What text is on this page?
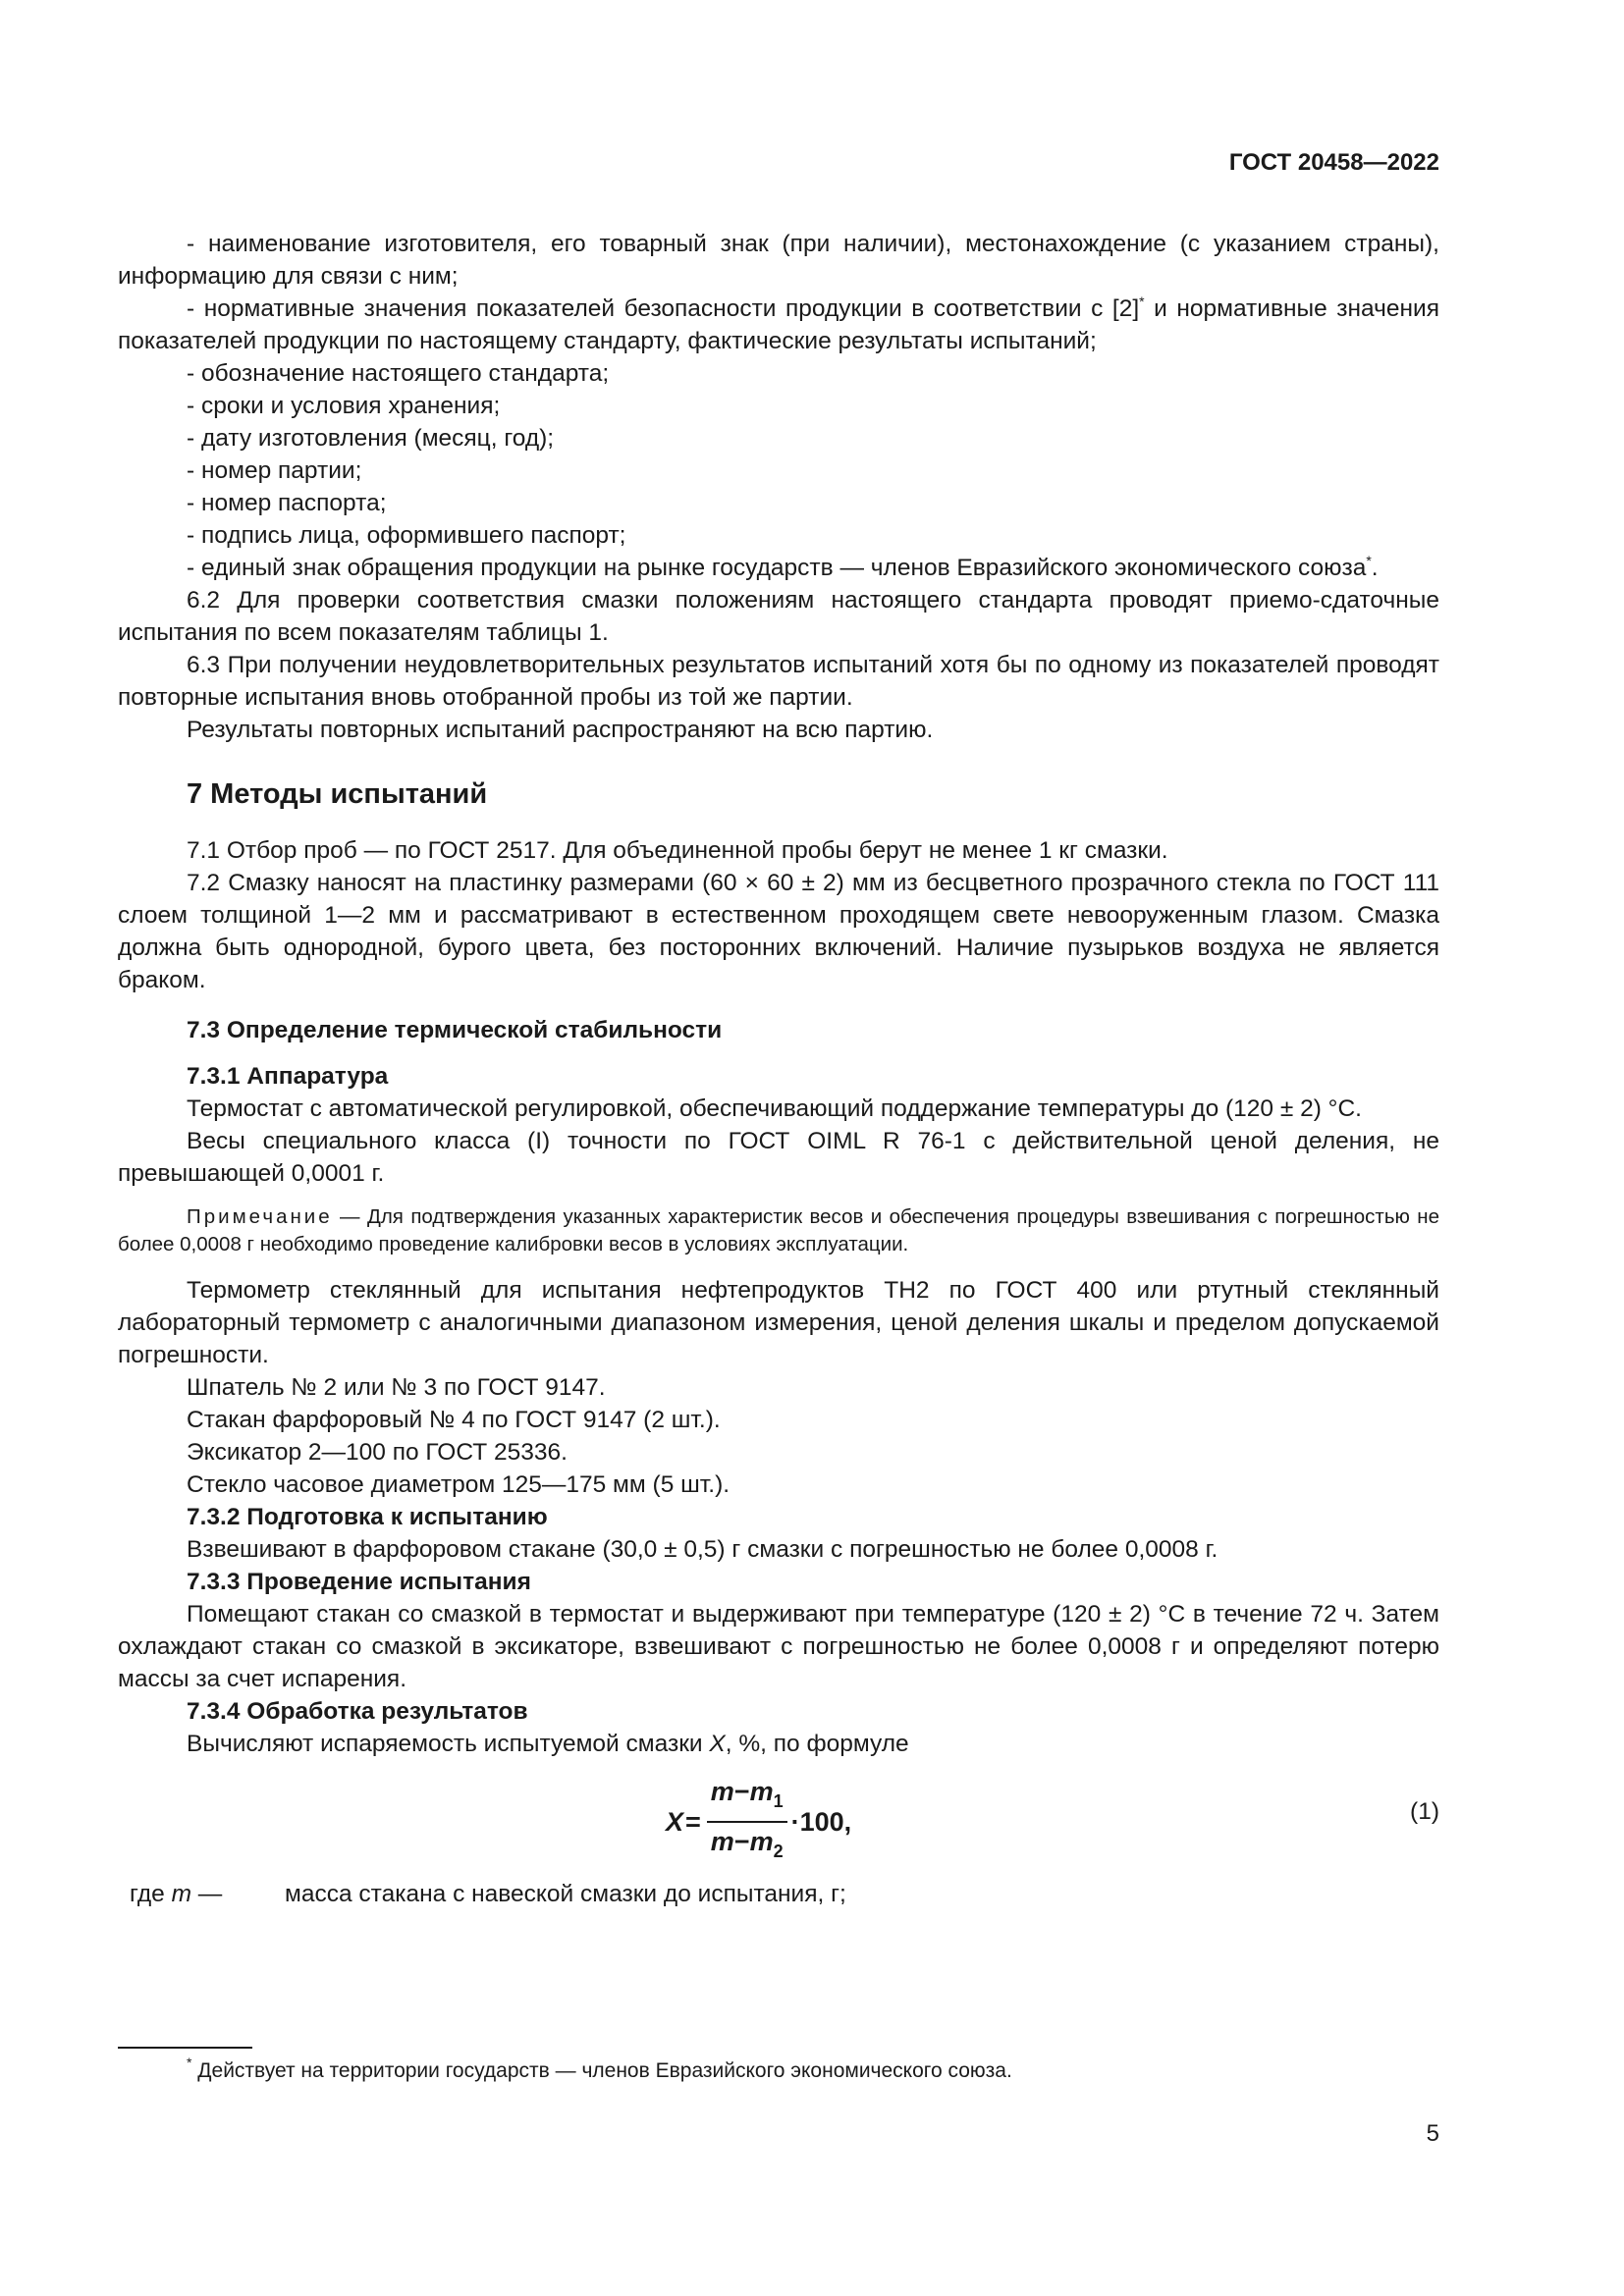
ГОСТ 20458—2022

- наименование изготовителя, его товарный знак (при наличии), местонахождение (с указанием страны), информацию для связи с ним;

- нормативные значения показателей безопасности продукции в соответствии с [2]* и нормативные значения показателей продукции по настоящему стандарту, фактические результаты испытаний;

- обозначение настоящего стандарта;

- сроки и условия хранения;

- дату изготовления (месяц, год);

- номер партии;

- номер паспорта;

- подпись лица, оформившего паспорт;

- единый знак обращения продукции на рынке государств — членов Евразийского экономического союза*.

6.2 Для проверки соответствия смазки положениям настоящего стандарта проводят приемо-сдаточные испытания по всем показателям таблицы 1.

6.3 При получении неудовлетворительных результатов испытаний хотя бы по одному из показателей проводят повторные испытания вновь отобранной пробы из той же партии.

Результаты повторных испытаний распространяют на всю партию.

7 Методы испытаний

7.1 Отбор проб — по ГОСТ 2517. Для объединенной пробы берут не менее 1 кг смазки.

7.2 Смазку наносят на пластинку размерами (60 × 60 ± 2) мм из бесцветного прозрачного стекла по ГОСТ 111 слоем толщиной 1—2 мм и рассматривают в естественном проходящем свете невооруженным глазом. Смазка должна быть однородной, бурого цвета, без посторонних включений. Наличие пузырьков воздуха не является браком.

7.3 Определение термической стабильности
7.3.1 Аппаратура

Термостат с автоматической регулировкой, обеспечивающий поддержание температуры до (120 ± 2) °С.

Весы специального класса (I) точности по ГОСТ OIML R 76-1 с действительной ценой деления, не превышающей 0,0001 г.

Примечание — Для подтверждения указанных характеристик весов и обеспечения процедуры взвешивания с погрешностью не более 0,0008 г необходимо проведение калибровки весов в условиях эксплуатации.

Термометр стеклянный для испытания нефтепродуктов ТН2 по ГОСТ 400 или ртутный стеклянный лабораторный термометр с аналогичными диапазоном измерения, ценой деления шкалы и пределом допускаемой погрешности.

Шпатель № 2 или № 3 по ГОСТ 9147.

Стакан фарфоровый № 4 по ГОСТ 9147 (2 шт.).

Эксикатор 2—100 по ГОСТ 25336.

Стекло часовое диаметром 125—175 мм (5 шт.).

7.3.2 Подготовка к испытанию

Взвешивают в фарфоровом стакане (30,0 ± 0,5) г смазки с погрешностью не более 0,0008 г.

7.3.3 Проведение испытания

Помещают стакан со смазкой в термостат и выдерживают при температуре (120 ± 2) °С в течение 72 ч. Затем охлаждают стакан со смазкой в эксикаторе, взвешивают с погрешностью не более 0,0008 г и определяют потерю массы за счет испарения.

7.3.4 Обработка результатов

Вычисляют испаряемость испытуемой смазки X, %, по формуле

$X = \frac{m-m_1}{m-m_2} \cdot 100$,	(1)
где m —	масса стакана с навеской смазки до испытания, г;
* Действует на территории государств — членов Евразийского экономического союза.
5
